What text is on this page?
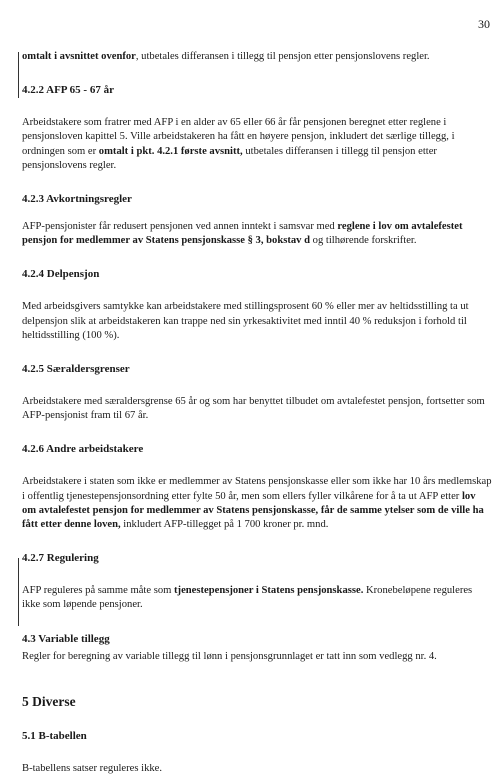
30

omtalt i avsnittet ovenfor, utbetales differansen i tillegg til pensjon etter pensjonslovens regler.

4.2.2 AFP 65 - 67 år

Arbeidstakere som fratrer med AFP i en alder av 65 eller 66 år får pensjonen beregnet etter reglene i pensjonsloven kapittel 5. Ville arbeidstakeren ha fått en høyere pensjon, inkludert det særlige tillegg, i ordningen som er omtalt i pkt. 4.2.1 første avsnitt, utbetales differansen i tillegg til pensjon etter pensjonslovens regler.

4.2.3 Avkortningsregler

AFP-pensjonister får redusert pensjonen ved annen inntekt i samsvar med reglene i lov om avtalefestet pensjon for medlemmer av Statens pensjonskasse § 3, bokstav d og tilhørende forskrifter.

4.2.4 Delpensjon

Med arbeidsgivers samtykke kan arbeidstakere med stillingsprosent 60 % eller mer av heltidsstilling ta ut delpensjon slik at arbeidstakeren kan trappe ned sin yrkesaktivitet med inntil 40 % reduksjon i forhold til heltidsstilling (100 %).

4.2.5 Særaldersgrenser

Arbeidstakere med særaldersgrense 65 år og som har benyttet tilbudet om avtalefestet pensjon, fortsetter som AFP-pensjonist fram til 67 år.

4.2.6 Andre arbeidstakere

Arbeidstakere i staten som ikke er medlemmer av Statens pensjonskasse eller som ikke har 10 års medlemskap i offentlig tjenestepensjonsordning etter fylte 50 år, men som ellers fyller vilkårene for å ta ut AFP etter lov om avtalefestet pensjon for medlemmer av Statens pensjonskasse, får de samme ytelser som de ville ha fått etter denne loven, inkludert AFP-tillegget på 1 700 kroner pr. mnd.

4.2.7 Regulering

AFP reguleres på samme måte som tjenestepensjoner i Statens pensjonskasse. Kronebeløpene reguleres ikke som løpende pensjoner.

4.3 Variable tillegg

Regler for beregning av variable tillegg til lønn i pensjonsgrunnlaget er tatt inn som vedlegg nr. 4.

5 Diverse
5.1 B-tabellen

B-tabellens satser reguleres ikke.
